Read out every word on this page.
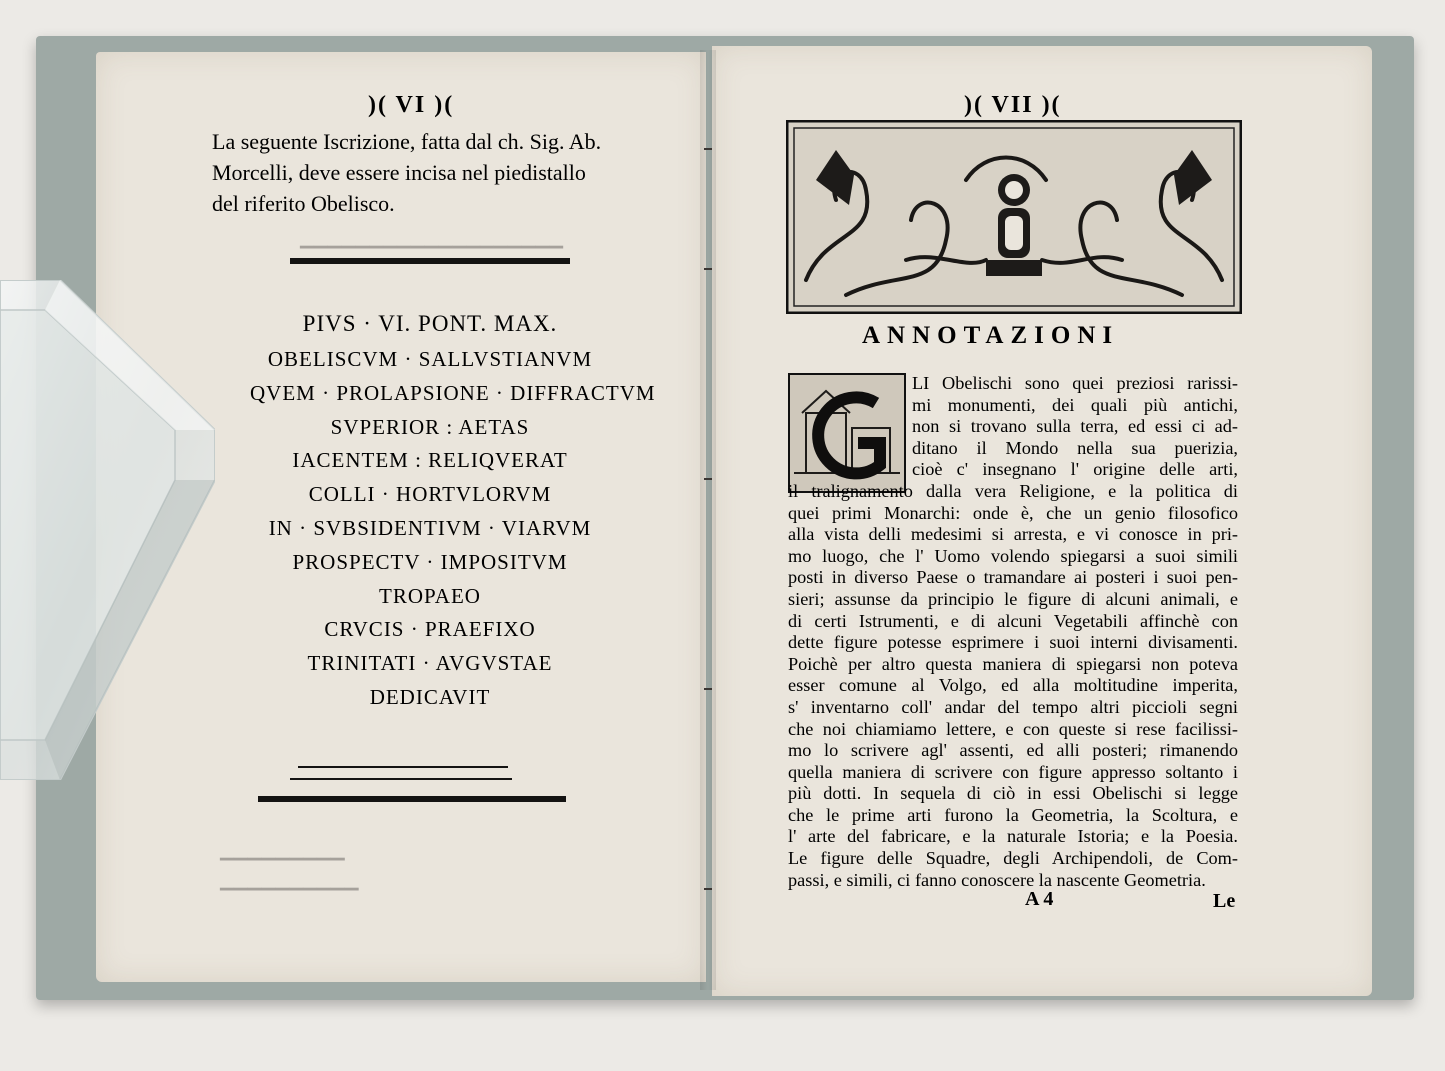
▁▁▁▁▁▁▁▁▁▁▁▁▁▁▁▁▁▁▁
▁▁▁▁▁▁▁▁▁
▁▁▁▁▁▁▁▁▁▁
)( VI )(
La seguente Iscrizione, fatta dal ch. Sig. Ab.
Morcelli, deve essere incisa nel piedistallo
del riferito Obelisco.
PIVS · VI. PONT. MAX.
OBELISCVM · SALLVSTIANVM
QVEM · PROLAPSIONE · DIFFRACTVM
SVPERIOR : AETAS
IACENTEM : RELIQVERAT
COLLI · HORTVLORVM
IN · SVBSIDENTIVM · VIARVM
PROSPECTV · IMPOSITVM
TROPAEO
CRVCIS · PRAEFIXO
TRINITATI · AVGVSTAE
DEDICAVIT
)( VII )(
ANNOTAZIONI
LI Obelischi sono quei preziosi rarissi-
mi monumenti, dei quali più antichi,
non si trovano sulla terra, ed essi ci ad-
ditano il Mondo nella sua puerizia,
cioè c' insegnano l' origine delle arti,
il tralignamento dalla vera Religione, e la politica di
quei primi Monarchi: onde è, che un genio filosofico
alla vista delli medesimi si arresta, e vi conosce in pri-
mo luogo, che l' Uomo volendo spiegarsi a suoi simili
posti in diverso Paese o tramandare ai posteri i suoi pen-
sieri; assunse da principio le figure di alcuni animali, e
di certi Istrumenti, e di alcuni Vegetabili affinchè con
dette figure potesse esprimere i suoi interni divisamenti.
Poichè per altro questa maniera di spiegarsi non poteva
esser comune al Volgo, ed alla moltitudine imperita,
s' inventarno coll' andar del tempo altri piccioli segni
che noi chiamiamo lettere, e con queste si rese facilissi-
mo lo scrivere agl' assenti, ed alli posteri; rimanendo
quella maniera di scrivere con figure appresso soltanto i
più dotti. In sequela di ciò in essi Obelischi si legge
che le prime arti furono la Geometria, la Scoltura, e
l' arte del fabricare, e la naturale Istoria; e la Poesia.
Le figure delle Squadre, degli Archipendoli, de Com-
passi, e simili, ci fanno conoscere la nascente Geometria.
A 4	Le
